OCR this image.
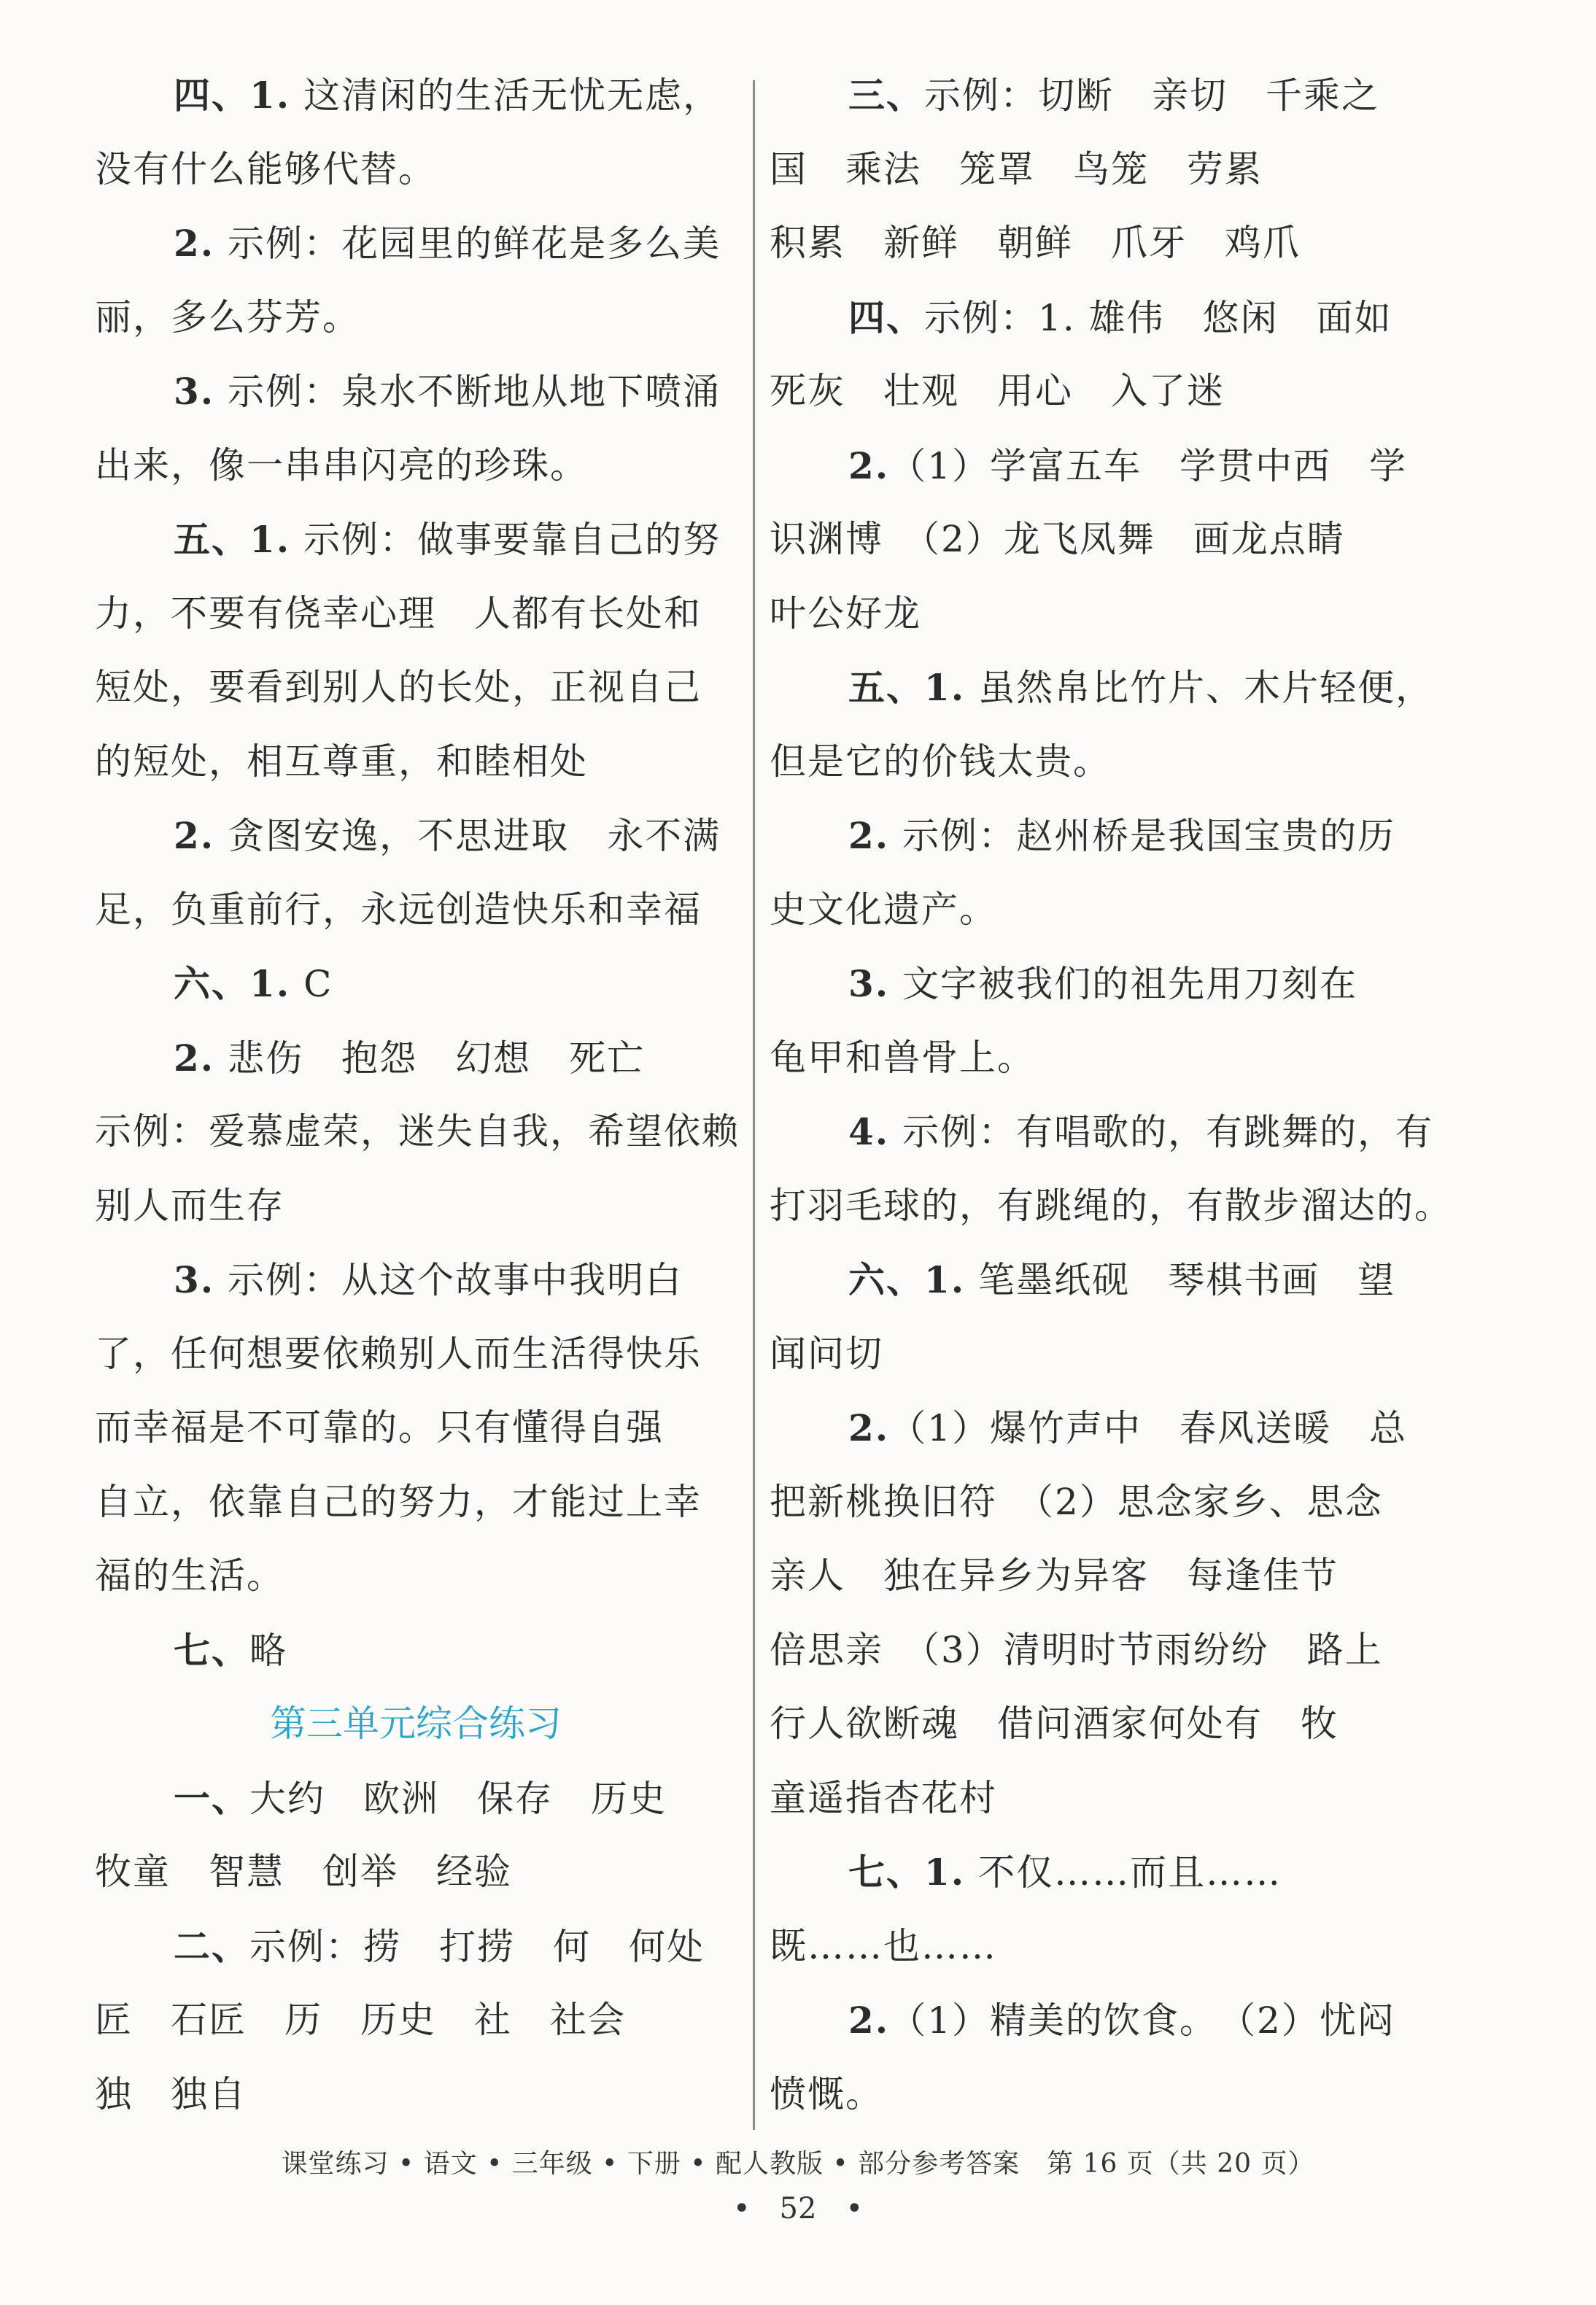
四、1. 这清闲的生活无忧无虑，
没有什么能够代替。
2. 示例：花园里的鲜花是多么美
丽，多么芬芳。
3. 示例：泉水不断地从地下喷涌
出来，像一串串闪亮的珍珠。
五、1. 示例：做事要靠自己的努
力，不要有侥幸心理　人都有长处和
短处，要看到别人的长处，正视自己
的短处，相互尊重，和睦相处
2. 贪图安逸，不思进取　永不满
足，负重前行，永远创造快乐和幸福
六、1. C
2. 悲伤　抱怨　幻想　死亡
示例：爱慕虚荣，迷失自我，希望依赖
别人而生存
3. 示例：从这个故事中我明白
了，任何想要依赖别人而生活得快乐
而幸福是不可靠的。只有懂得自强
自立，依靠自己的努力，才能过上幸
福的生活。
七、略
第三单元综合练习
一、大约　欧洲　保存　历史
牧童　智慧　创举　经验
二、示例：捞　打捞　何　何处
匠　石匠　历　历史　社　社会
独　独自
三、示例：切断　亲切　千乘之
国　乘法　笼罩　鸟笼　劳累
积累　新鲜　朝鲜　爪牙　鸡爪
四、示例：1. 雄伟　悠闲　面如
死灰　壮观　用心　入了迷
2.（1）学富五车　学贯中西　学
识渊博　（2）龙飞凤舞　画龙点睛
叶公好龙
五、1. 虽然帛比竹片、木片轻便，
但是它的价钱太贵。
2. 示例：赵州桥是我国宝贵的历
史文化遗产。
3. 文字被我们的祖先用刀刻在
龟甲和兽骨上。
4. 示例：有唱歌的，有跳舞的，有
打羽毛球的，有跳绳的，有散步溜达的。
六、1. 笔墨纸砚　琴棋书画　望
闻问切
2.（1）爆竹声中　春风送暖　总
把新桃换旧符　（2）思念家乡、思念
亲人　独在异乡为异客　每逢佳节
倍思亲　（3）清明时节雨纷纷　路上
行人欲断魂　借问酒家何处有　牧
童遥指杏花村
七、1. 不仅……而且……
既……也……
2.（1）精美的饮食。　（2）忧闷
愤慨。
课堂练习 • 语文 • 三年级 • 下册 • 配人教版 • 部分参考答案　第 16 页（共 20 页）
•　52　•
